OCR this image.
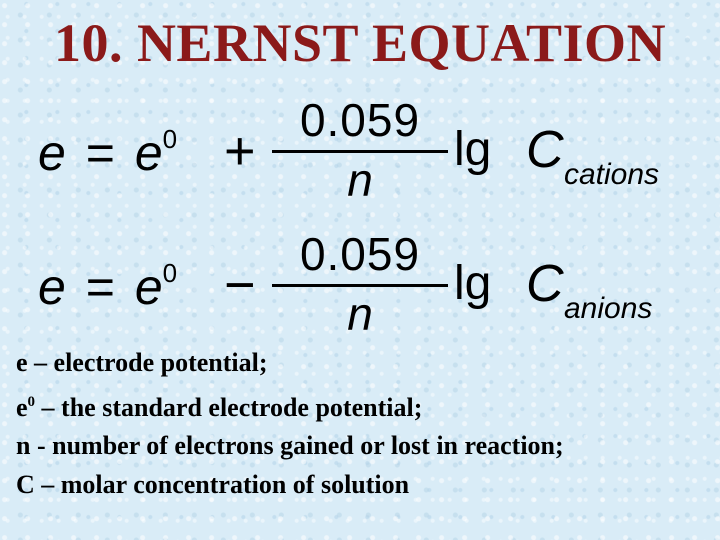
10. NERNST EQUATION
$e = e^0$ +
0.059
n
lg C cations
$e = e^0$ −
0.059
n
lg C anions
e – electrode potential;
$e^0$ – the standard electrode potential;
n - number of electrons gained or lost in reaction;
C – molar concentration of solution
